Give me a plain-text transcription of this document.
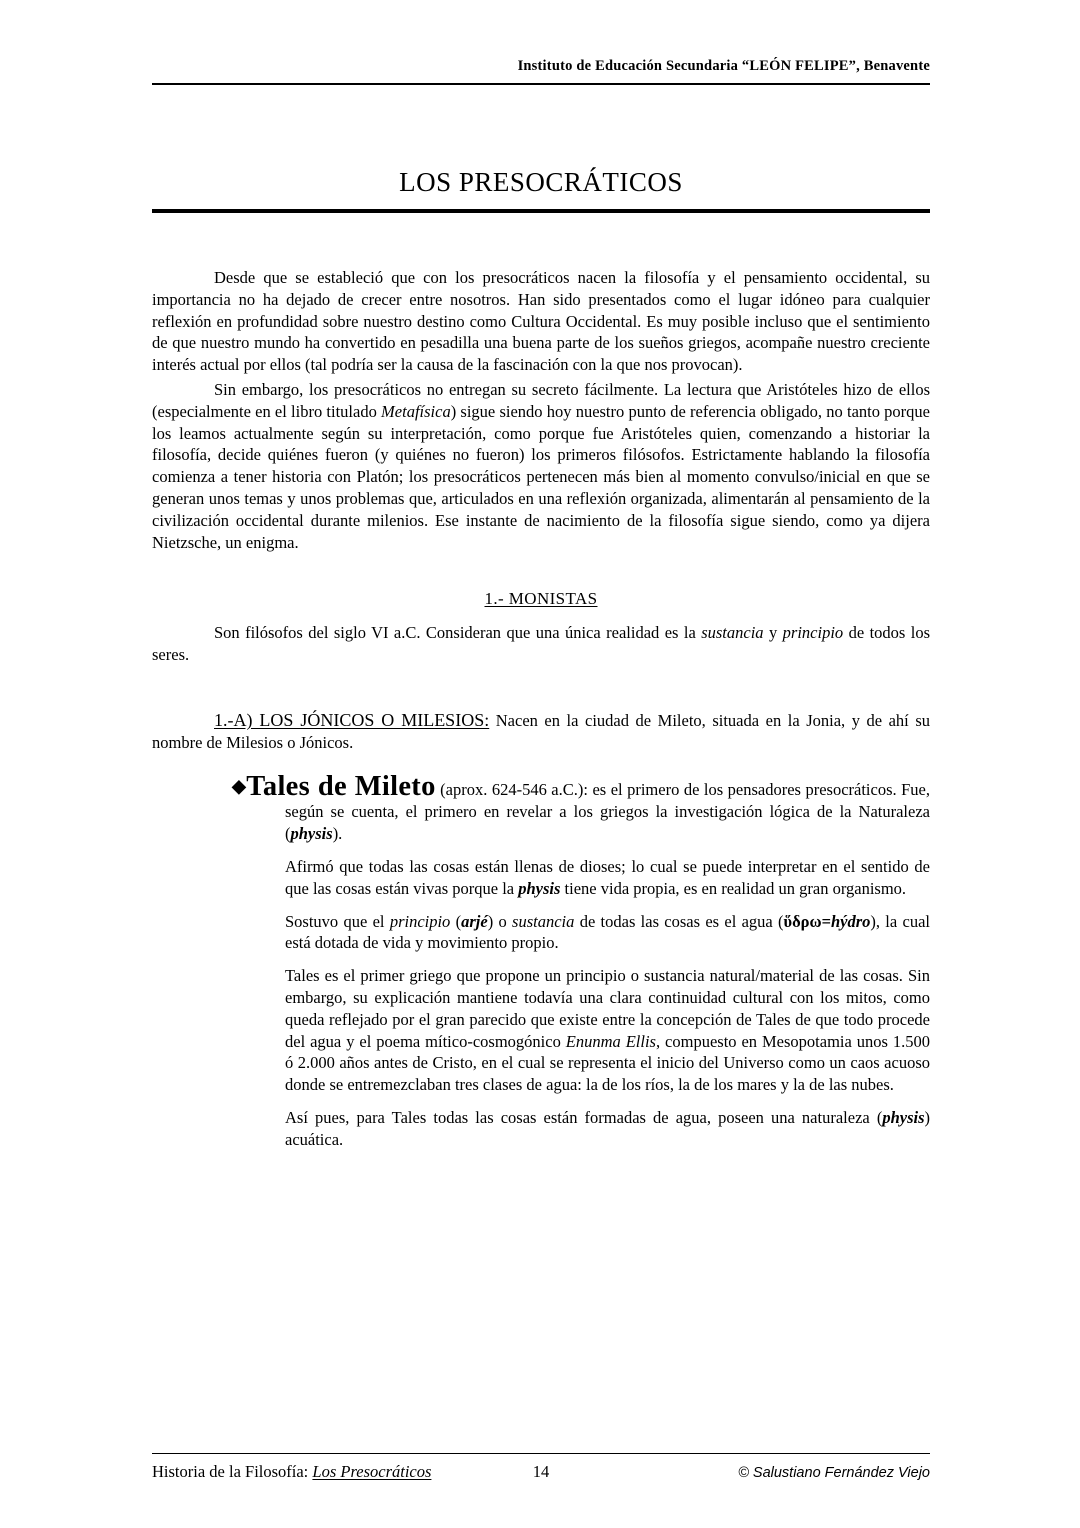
Instituto de Educación Secundaria “LEÓN FELIPE”, Benavente
LOS PRESOCRÁTICOS

Desde que se estableció que con los presocráticos nacen la filosofía y el pensamiento occidental, su importancia no ha dejado de crecer entre nosotros. Han sido presentados como el lugar idóneo para cualquier reflexión en profundidad sobre nuestro destino como Cultura Occidental. Es muy posible incluso que el sentimiento de que nuestro mundo ha convertido en pesadilla una buena parte de los sueños griegos, acompañe nuestro creciente interés actual por ellos (tal podría ser la causa de la fascinación con la que nos provocan).

Sin embargo, los presocráticos no entregan su secreto fácilmente. La lectura que Aristóteles hizo de ellos (especialmente en el libro titulado Metafísica) sigue siendo hoy nuestro punto de referencia obligado, no tanto porque los leamos actualmente según su interpretación, como porque fue Aristóteles quien, comenzando a historiar la filosofía, decide quiénes fueron (y quiénes no fueron) los primeros filósofos. Estrictamente hablando la filosofía comienza a tener historia con Platón; los presocráticos pertenecen más bien al momento convulso/inicial en que se generan unos temas y unos problemas que, articulados en una reflexión organizada, alimentarán al pensamiento de la civilización occidental durante milenios. Ese instante de nacimiento de la filosofía sigue siendo, como ya dijera Nietzsche, un enigma.

1.- MONISTAS

Son filósofos del siglo VI a.C. Consideran que una única realidad es la sustancia y principio de todos los seres.

1.-A) LOS JÓNICOS O MILESIOS: Nacen en la ciudad de Mileto, situada en la Jonia, y de ahí su nombre de Milesios o Jónicos.

◆Tales de Mileto (aprox. 624-546 a.C.): es el primero de los pensadores presocráticos. Fue, según se cuenta, el primero en revelar a los griegos la investigación lógica de la Naturaleza (physis).

Afirmó que todas las cosas están llenas de dioses; lo cual se puede interpretar en el sentido de que las cosas están vivas porque la physis tiene vida propia, es en realidad un gran organismo.

Sostuvo que el principio (arjé) o sustancia de todas las cosas es el agua (ὕδρω=hýdro), la cual está dotada de vida y movimiento propio.

Tales es el primer griego que propone un principio o sustancia natural/material de las cosas. Sin embargo, su explicación mantiene todavía una clara continuidad cultural con los mitos, como queda reflejado por el gran parecido que existe entre la concepción de Tales de que todo procede del agua y el poema mítico-cosmogónico Enunma Ellis, compuesto en Mesopotamia unos 1.500 ó 2.000 años antes de Cristo, en el cual se representa el inicio del Universo como un caos acuoso donde se entremezclaban tres clases de agua: la de los ríos, la de los mares y la de las nubes.

Así pues, para Tales todas las cosas están formadas de agua, poseen una naturaleza (physis) acuática.

Historia de la Filosofía: Los Presocráticos	14	© Salustiano Fernández Viejo
